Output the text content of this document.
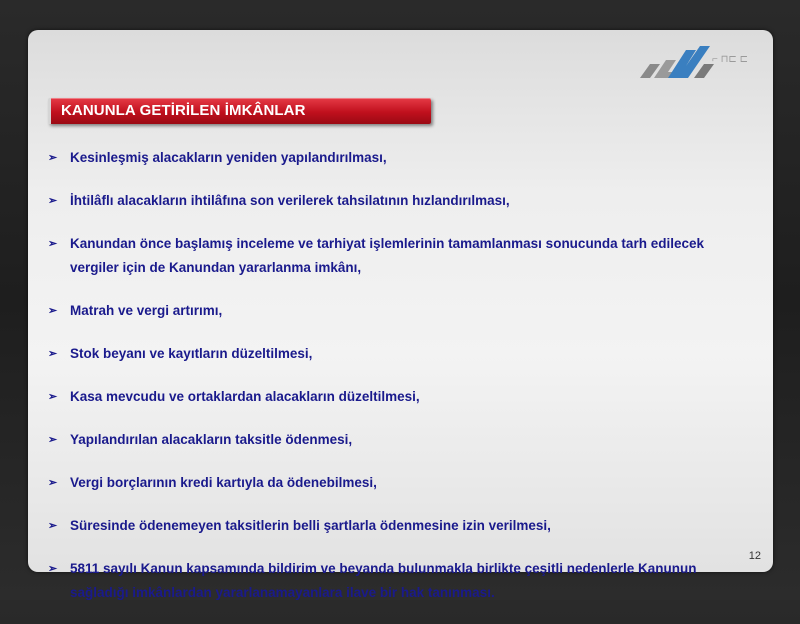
⌐ ⊓⊏ ⊏
KANUNLA GETİRİLEN İMKÂNLAR
➢ Kesinleşmiş alacakların yeniden yapılandırılması,
➢ İhtilâflı alacakların ihtilâfına son verilerek tahsilatının hızlandırılması,
➢ Kanundan önce başlamış inceleme ve tarhiyat işlemlerinin tamamlanması sonucunda tarh edilecek vergiler için de Kanundan yararlanma imkânı,
➢ Matrah ve vergi artırımı,
➢ Stok beyanı ve kayıtların düzeltilmesi,
➢ Kasa mevcudu ve ortaklardan alacakların düzeltilmesi,
➢ Yapılandırılan alacakların taksitle ödenmesi,
➢ Vergi borçlarının kredi kartıyla da ödenebilmesi,
➢ Süresinde ödenemeyen taksitlerin belli şartlarla ödenmesine izin verilmesi,
➢ 5811 sayılı Kanun kapsamında bildirim ve beyanda bulunmakla birlikte çeşitli nedenlerle Kanunun sağladığı imkânlardan yararlanamayanlara ilave bir hak tanınması.
12
